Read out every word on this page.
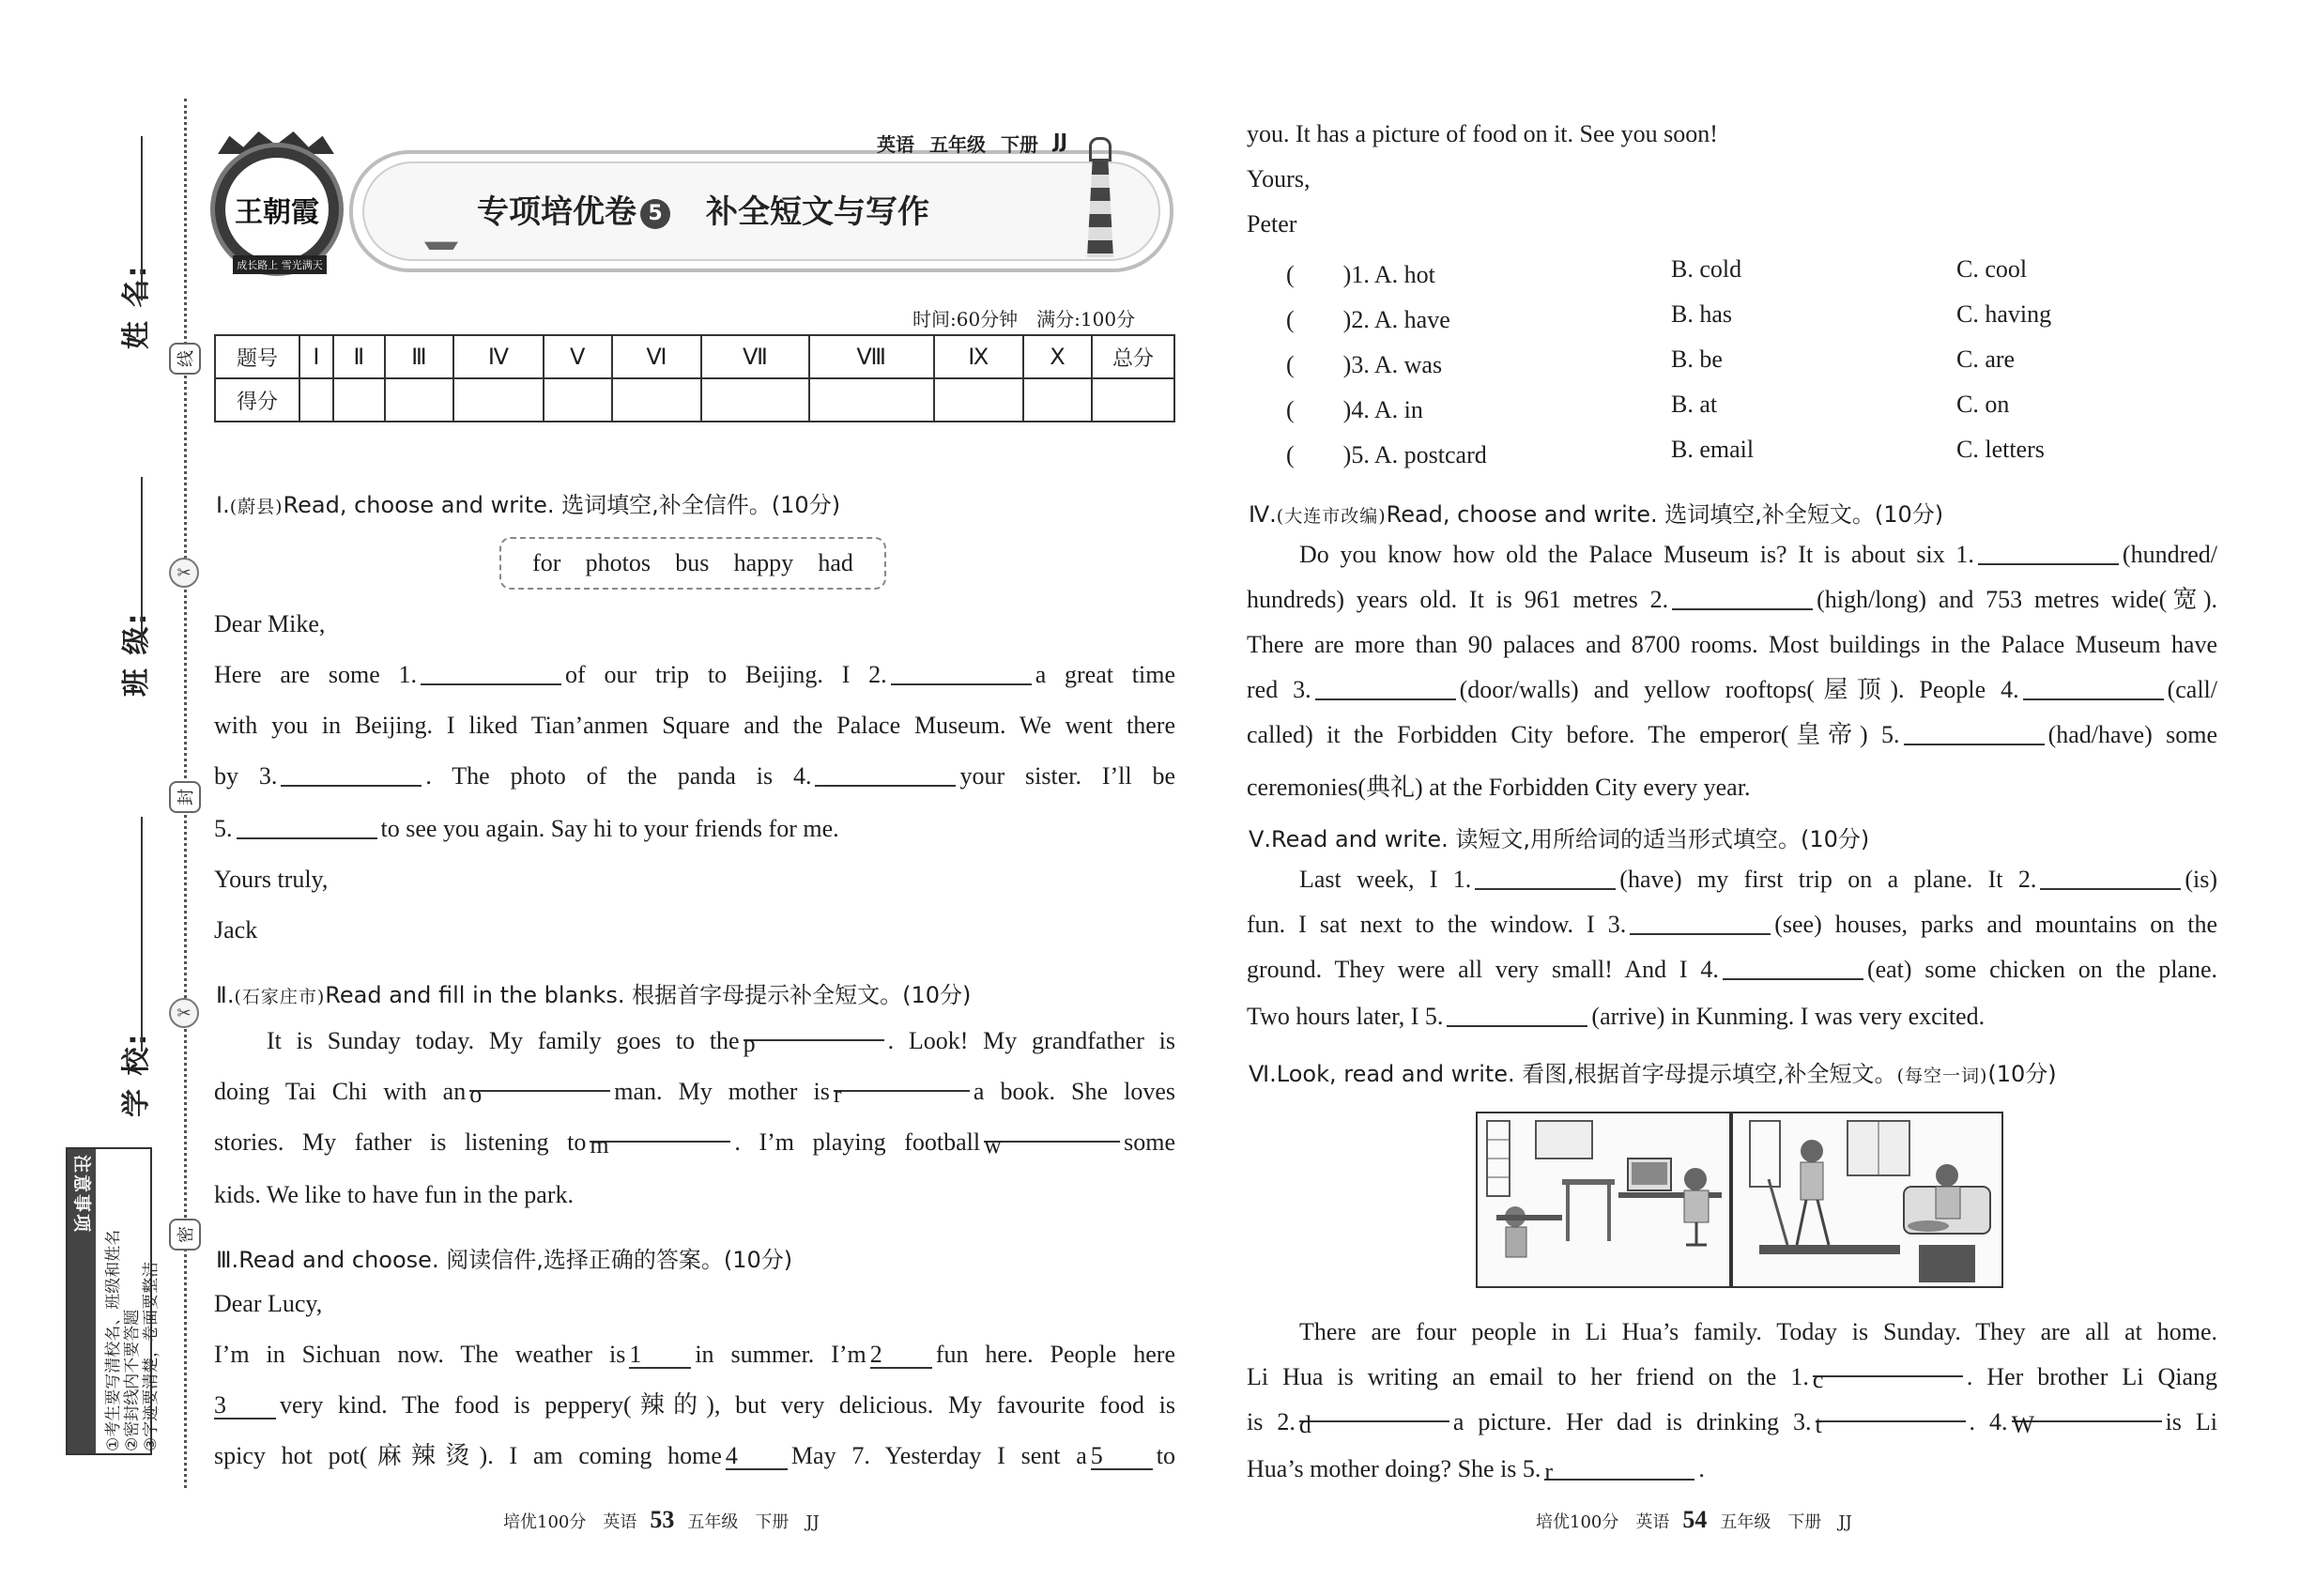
姓 名:
班 级:
学 校:
线
✂
封
✂
密
注意事项
①考生要写清校名、班级和姓名 ②密封线内不要答题 ③字迹要清楚，卷面要整洁
王朝霞
成长路上 雪光满天
英语 五年级 下册 JJ
专项培优卷 5　 补全短文与写作
时间:60分钟　满分:100分
题号	Ⅰ	Ⅱ	Ⅲ	Ⅳ	Ⅴ	Ⅵ	Ⅶ	Ⅷ	Ⅸ	Ⅹ	总分
得分											
Ⅰ.(蔚县)Read, choose and write. 选词填空,补全信件。(10分)
for photos bus happy had
Dear Mike,
Here are some 1.	of our trip to Beijing. I 2.	a great time
with you in Beijing. I liked Tian’anmen Square and the Palace Museum. We went there
by 3.	. The photo of the panda is 4.	your sister. I’ll be
5.	to see you again. Say hi to your friends for me.
Yours truly,
Jack
Ⅱ.(石家庄市)Read and fill in the blanks. 根据首字母提示补全短文。(10分)
It is Sunday today. My family goes to the p	. Look! My grandfather is
doing Tai Chi with an o	man. My mother is r	a book. She loves
stories. My father is listening to m	. I’m playing football w	some
kids. We like to have fun in the park.
Ⅲ.Read and choose. 阅读信件,选择正确的答案。(10分)
Dear Lucy,
I’m in Sichuan now. The weather is 1 in summer. I’m 2 fun here. People here
3 very kind. The food is peppery(辣的), but very delicious. My favourite food is
spicy hot pot(麻辣烫). I am coming home 4 May 7. Yesterday I sent a 5 to
培优100分　 英语 53 五年级　 下册　 JJ
you. It has a picture of food on it. See you soon!
Yours,
Peter
(　　)1. A. hot	B. cold	C. cool
(　　)2. A. have	B. has	C. having
(　　)3. A. was	B. be	C. are
(　　)4. A. in	B. at	C. on
(　　)5. A. postcard	B. email	C. letters
Ⅳ.(大连市改编)Read, choose and write. 选词填空,补全短文。(10分)
Do you know how old the Palace Museum is? It is about six 1.	(hundred/
hundreds) years old. It is 961 metres 2.	(high/long) and 753 metres wide(宽).
There are more than 90 palaces and 8700 rooms. Most buildings in the Palace Museum have
red 3.	(door/walls) and yellow rooftops(屋顶). People 4.	(call/
called) it the Forbidden City before. The emperor(皇帝) 5.	(had/have) some
ceremonies(典礼) at the Forbidden City every year.
Ⅴ.Read and write. 读短文,用所给词的适当形式填空。(10分)
Last week, I 1.	(have) my first trip on a plane. It 2.	(is)
fun. I sat next to the window. I 3.	(see) houses, parks and mountains on the
ground. They were all very small! And I 4.	(eat) some chicken on the plane.
Two hours later, I 5.	(arrive) in Kunming. I was very excited.
Ⅵ.Look, read and write. 看图,根据首字母提示填空,补全短文。(每空一词)(10分)
There are four people in Li Hua’s family. Today is Sunday. They are all at home.
Li Hua is writing an email to her friend on the 1. c	. Her brother Li Qiang
is 2. d	a picture. Her dad is drinking 3. t	. 4. W	is Li
Hua’s mother doing? She is 5. r	.
培优100分　 英语 54 五年级　 下册　 JJ
